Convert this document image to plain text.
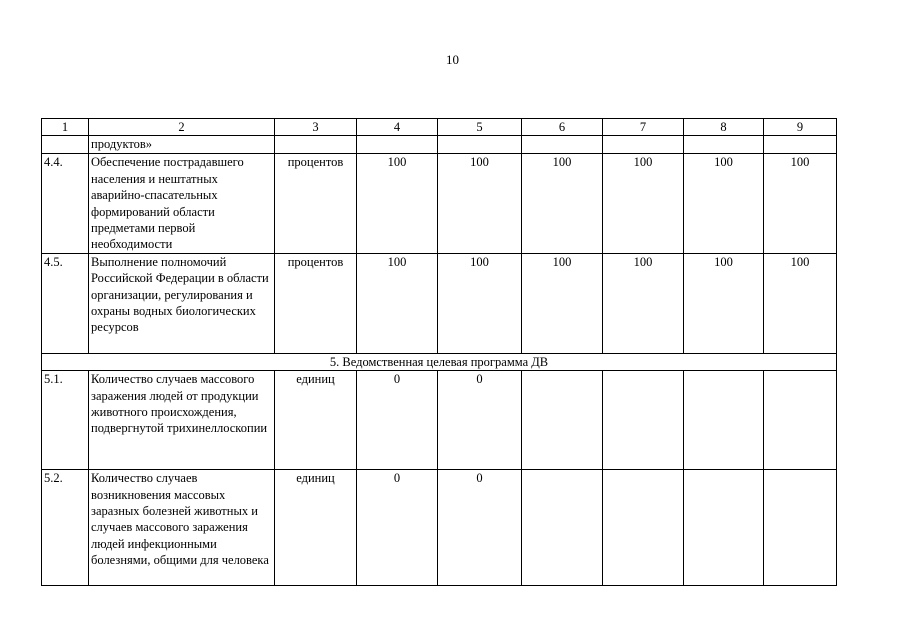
10
1	2	3	4	5	6	7	8	9
	продуктов»							
4.4.	Обеспечение пострадавшего населения и нештатных аварийно-спасательных формирований области предметами первой необходимости	процентов	100	100	100	100	100	100
4.5.	Выполнение полномочий Российской Федерации в области организации, регулирования и охраны водных биологических ресурсов	процентов	100	100	100	100	100	100
5. Ведомственная целевая программа ДВ								
5.1.	Количество случаев массового заражения людей от продукции животного происхождения, подвергнутой трихинеллоскопии	единиц	0	0				
5.2.	Количество случаев возникновения массовых заразных болезней животных и случаев массового заражения людей инфекционными болезнями, общими для человека	единиц	0	0				
